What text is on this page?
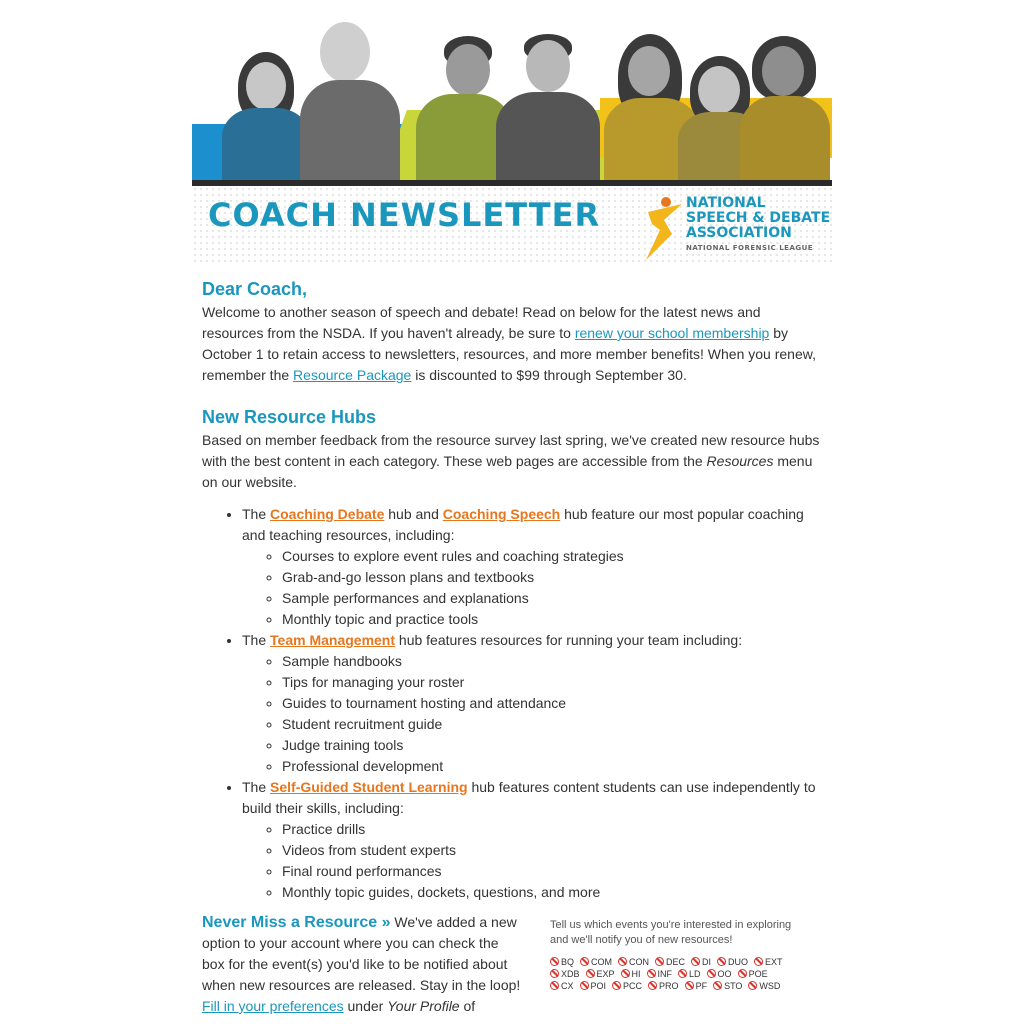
COACH NEWSLETTER	NATIONAL
SPEECH & DEBATE
ASSOCIATION
NATIONAL FORENSIC LEAGUE
Dear Coach,

Welcome to another season of speech and debate! Read on below for the latest news and resources from the NSDA. If you haven't already, be sure to renew your school membership by October 1 to retain access to newsletters, resources, and more member benefits! When you renew, remember the Resource Package is discounted to $99 through September 30.

New Resource Hubs

Based on member feedback from the resource survey last spring, we've created new resource hubs with the best content in each category. These web pages are accessible from the Resources menu on our website.

• The Coaching Debate hub and Coaching Speech hub feature our most popular coaching and teaching resources, including:
◦ Courses to explore event rules and coaching strategies
◦ Grab-and-go lesson plans and textbooks
◦ Sample performances and explanations
◦ Monthly topic and practice tools
• The Team Management hub features resources for running your team including:
◦ Sample handbooks
◦ Tips for managing your roster
◦ Guides to tournament hosting and attendance
◦ Student recruitment guide
◦ Judge training tools
◦ Professional development
• The Self-Guided Student Learning hub features content students can use independently to build their skills, including:
◦ Practice drills
◦ Videos from student experts
◦ Final round performances
◦ Monthly topic guides, dockets, questions, and more
Never Miss a Resource » We've added a new option to your account where you can check the box for the event(s) you'd like to be notified about when new resources are released. Stay in the loop! Fill in your preferences under Your Profile of
Tell us which events you're interested in exploring and we'll notify you of new resources!
BQ COM CON DEC DI DUO EXTXDB EXP HI INF LD OO POECX POI PCC PRO PF STO WSD
